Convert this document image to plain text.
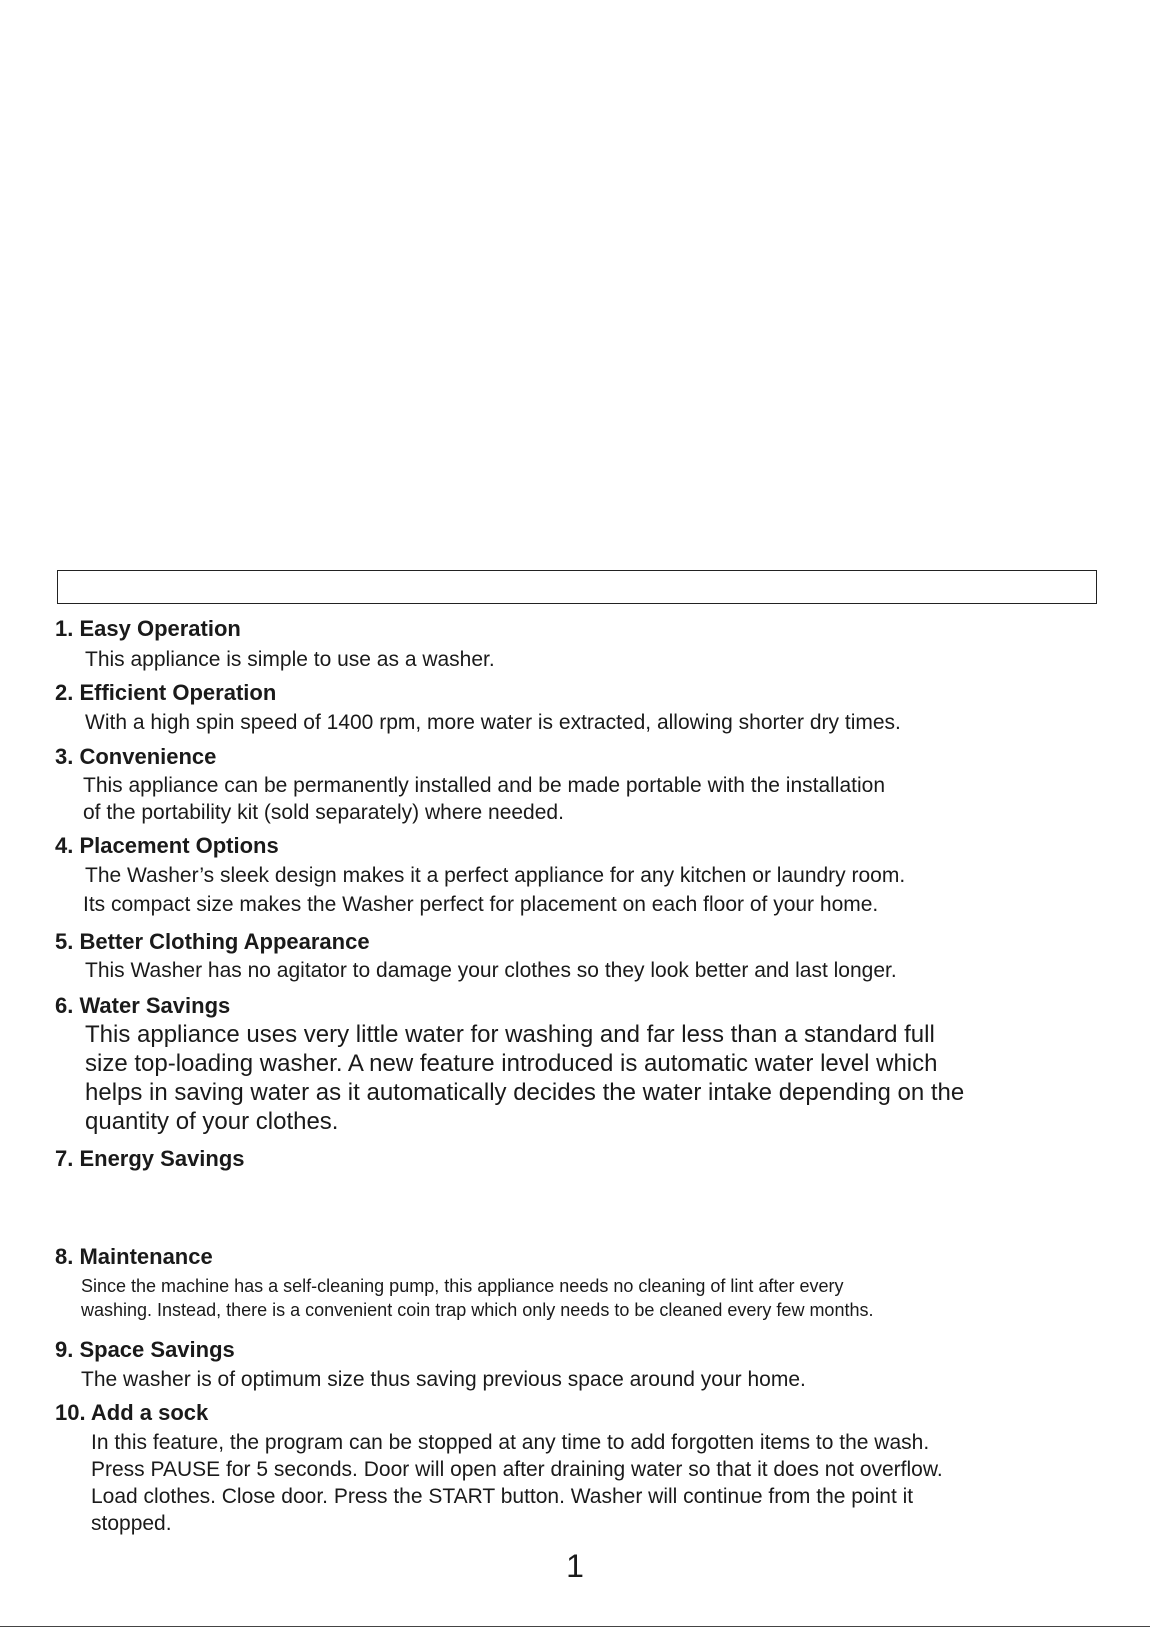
1. Easy Operation

This appliance is simple to use as a washer.

2. Efficient Operation

With a high spin speed of 1400 rpm, more water is extracted, allowing shorter dry times.

3. Convenience

This appliance can be permanently installed and be made portable with the installation

of the portability kit (sold separately) where needed.

4. Placement Options

The Washer’s sleek design makes it a perfect appliance for any kitchen or laundry room.

Its compact size makes the Washer perfect for placement on each floor of your home.

5. Better Clothing Appearance

This Washer has no agitator to damage your clothes so they look better and last longer.

6. Water Savings

This appliance uses very little water for washing and far less than a standard full

size top-loading washer. A new feature introduced is automatic water level which

helps in saving water as it automatically decides the water intake depending on the

quantity of your clothes.

7. Energy Savings
8. Maintenance

Since the machine has a self-cleaning pump, this appliance needs no cleaning of lint after every

washing. Instead, there is a convenient coin trap which only needs to be cleaned every few months.

9. Space Savings

The washer is of optimum size thus saving previous space around your home.

10. Add a sock

In this feature, the program can be stopped at any time to add forgotten items to the wash.

Press PAUSE for 5 seconds. Door will open after draining water so that it does not overflow.

Load clothes. Close door. Press the START button. Washer will continue from the point it

stopped.

1
